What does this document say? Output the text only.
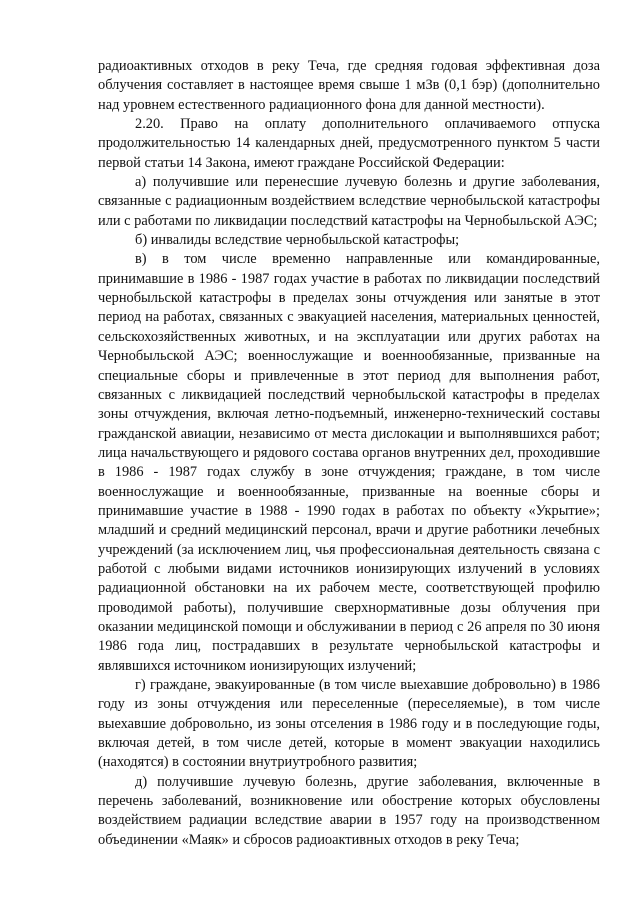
радиоактивных отходов в реку Теча, где средняя годовая эффективная доза облучения составляет в настоящее время свыше 1 мЗв (0,1 бэр) (дополнительно над уровнем естественного радиационного фона для данной местности).

2.20. Право на оплату дополнительного оплачиваемого отпуска продолжительностью 14 календарных дней, предусмотренного пунктом 5 части первой статьи 14 Закона, имеют граждане Российской Федерации:

а) получившие или перенесшие лучевую болезнь и другие заболевания, связанные с радиационным воздействием вследствие чернобыльской катастрофы или с работами по ликвидации последствий катастрофы на Чернобыльской АЭС;

б) инвалиды вследствие чернобыльской катастрофы;

в) в том числе временно направленные или командированные, принимавшие в 1986 - 1987 годах участие в работах по ликвидации последствий чернобыльской катастрофы в пределах зоны отчуждения или занятые в этот период на работах, связанных с эвакуацией населения, материальных ценностей, сельскохозяйственных животных, и на эксплуатации или других работах на Чернобыльской АЭС; военнослужащие и военнообязанные, призванные на специальные сборы и привлеченные в этот период для выполнения работ, связанных с ликвидацией последствий чернобыльской катастрофы в пределах зоны отчуждения, включая летно-подъемный, инженерно-технический составы гражданской авиации, независимо от места дислокации и выполнявшихся работ; лица начальствующего и рядового состава органов внутренних дел, проходившие в 1986 - 1987 годах службу в зоне отчуждения; граждане, в том числе военнослужащие и военнообязанные, призванные на военные сборы и принимавшие участие в 1988 - 1990 годах в работах по объекту «Укрытие»; младший и средний медицинский персонал, врачи и другие работники лечебных учреждений (за исключением лиц, чья профессиональная деятельность связана с работой с любыми видами источников ионизирующих излучений в условиях радиационной обстановки на их рабочем месте, соответствующей профилю проводимой работы), получившие сверхнормативные дозы облучения при оказании медицинской помощи и обслуживании в период с 26 апреля по 30 июня 1986 года лиц, пострадавших в результате чернобыльской катастрофы и являвшихся источником ионизирующих излучений;

г) граждане, эвакуированные (в том числе выехавшие добровольно) в 1986 году из зоны отчуждения или переселенные (переселяемые), в том числе выехавшие добровольно, из зоны отселения в 1986 году и в последующие годы, включая детей, в том числе детей, которые в момент эвакуации находились (находятся) в состоянии внутриутробного развития;

д) получившие лучевую болезнь, другие заболевания, включенные в перечень заболеваний, возникновение или обострение которых обусловлены воздействием радиации вследствие аварии в 1957 году на производственном объединении «Маяк» и сбросов радиоактивных отходов в реку Теча;
